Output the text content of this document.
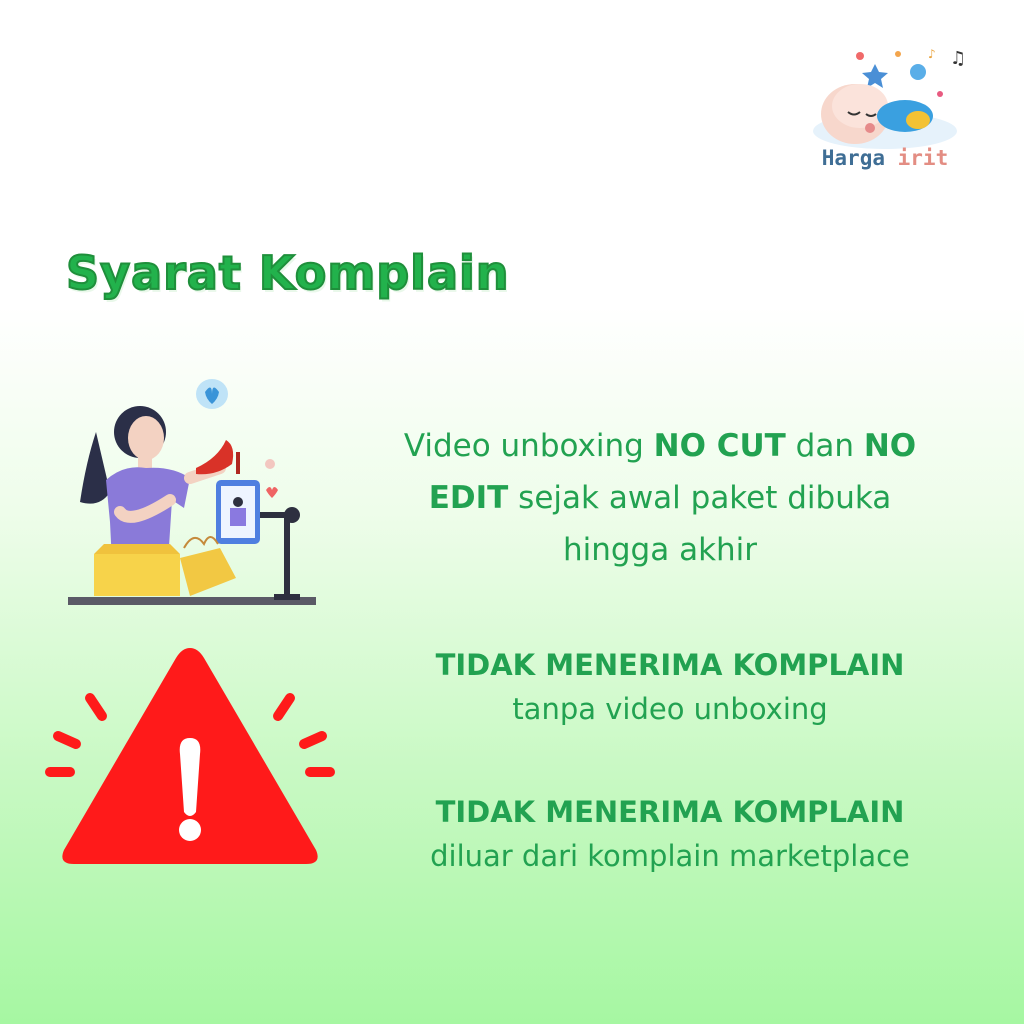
♫
♪
Harga irit
Syarat Komplain
Video unboxing NO CUT dan NO
EDIT sejak awal paket dibuka
hingga akhir
TIDAK MENERIMA KOMPLAIN
tanpa video unboxing
TIDAK MENERIMA KOMPLAIN
diluar dari komplain marketplace
